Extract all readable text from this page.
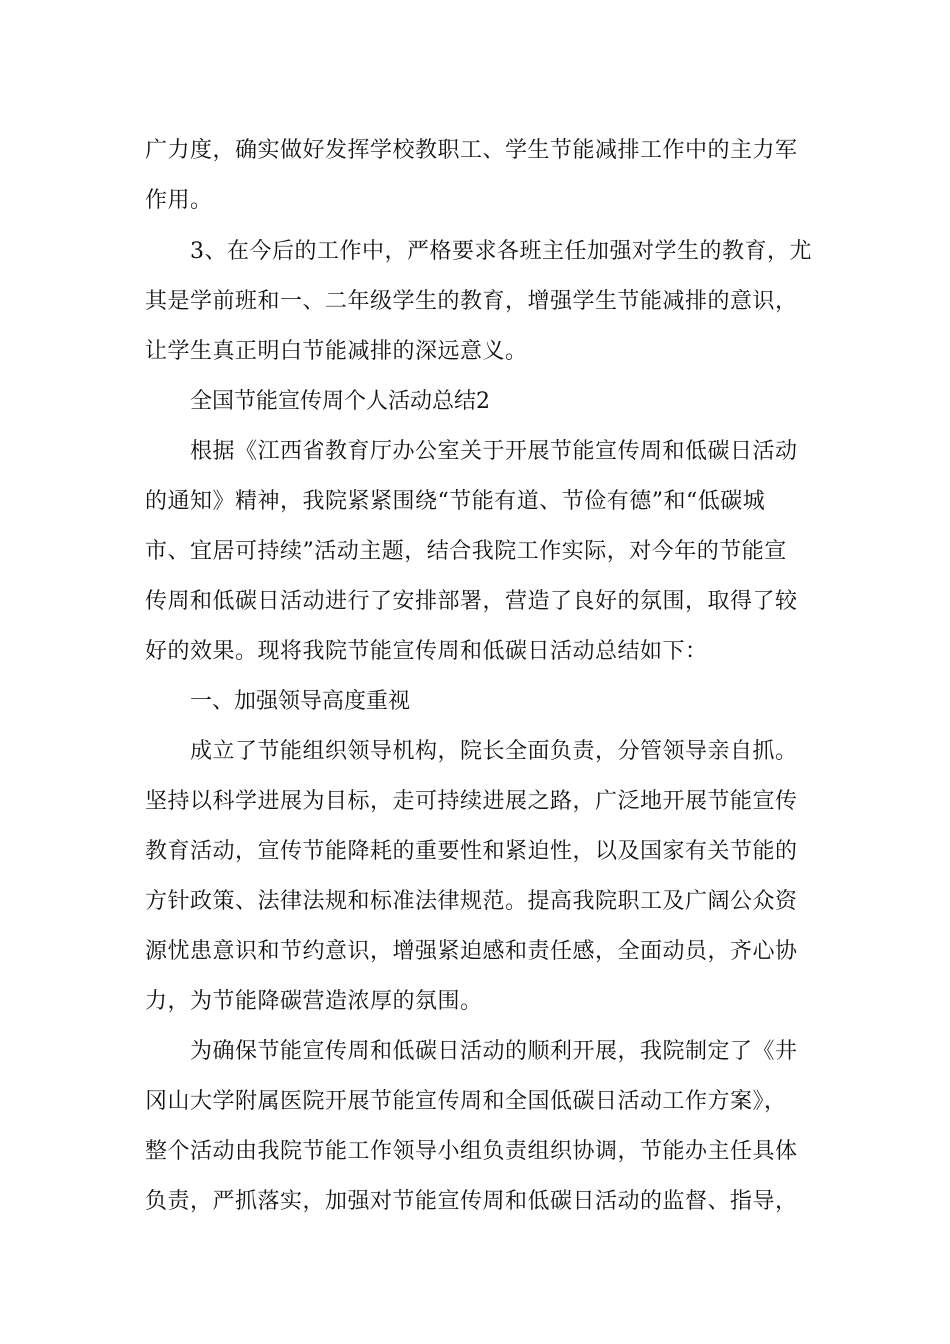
广力度，确实做好发挥学校教职工、学生节能减排工作中的主力军
作用。
3、在今后的工作中，严格要求各班主任加强对学生的教育，尤
其是学前班和一、二年级学生的教育，增强学生节能减排的意识，
让学生真正明白节能减排的深远意义。
全国节能宣传周个人活动总结2
根据《江西省教育厅办公室关于开展节能宣传周和低碳日活动
的通知》精神，我院紧紧围绕“节能有道、节俭有德”和“低碳城
市、宜居可持续”活动主题，结合我院工作实际，对今年的节能宣
传周和低碳日活动进行了安排部署，营造了良好的氛围，取得了较
好的效果。现将我院节能宣传周和低碳日活动总结如下：
一、加强领导高度重视
成立了节能组织领导机构，院长全面负责，分管领导亲自抓。
坚持以科学进展为目标，走可持续进展之路，广泛地开展节能宣传
教育活动，宣传节能降耗的重要性和紧迫性，以及国家有关节能的
方针政策、法律法规和标准法律规范。提高我院职工及广阔公众资
源忧患意识和节约意识，增强紧迫感和责任感，全面动员，齐心协
力，为节能降碳营造浓厚的氛围。
为确保节能宣传周和低碳日活动的顺利开展，我院制定了《井
冈山大学附属医院开展节能宣传周和全国低碳日活动工作方案》，
整个活动由我院节能工作领导小组负责组织协调，节能办主任具体
负责，严抓落实，加强对节能宣传周和低碳日活动的监督、指导，
